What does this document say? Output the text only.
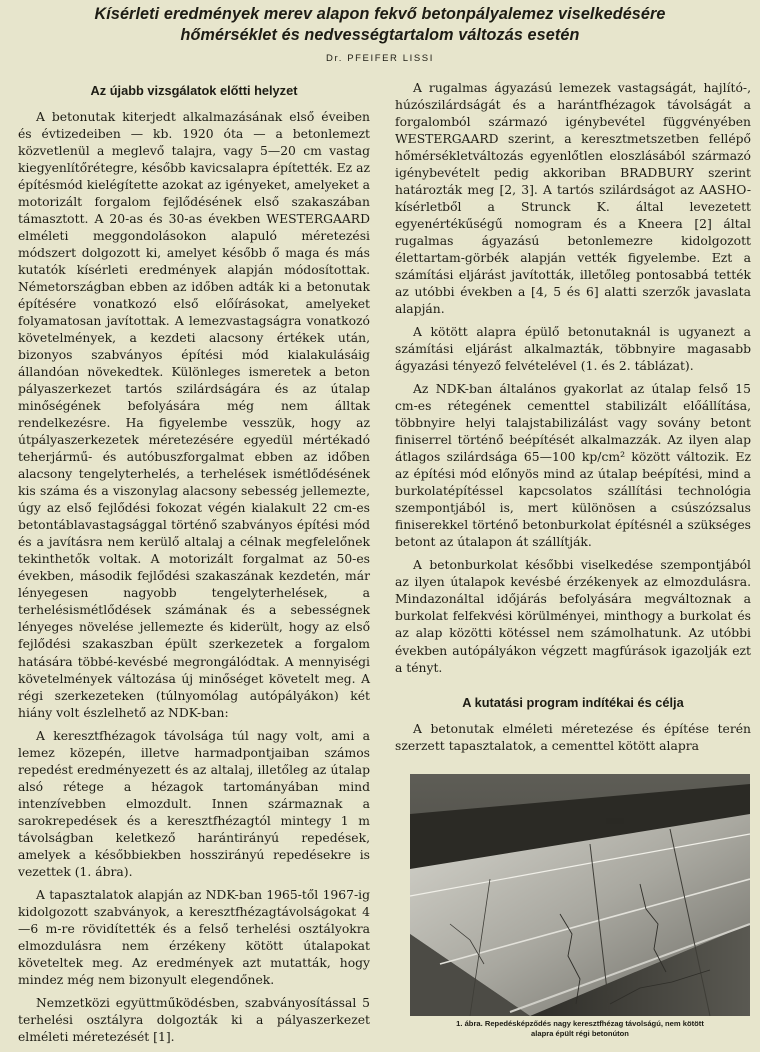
Kísérleti eredmények merev alapon fekvő betonpályalemez viselkedésére

hőmérséklet és nedvességtartalom változás esetén

Dr. PFEIFER LISSI
Az újabb vizsgálatok előtti helyzet

A betonutak kiterjedt alkalmazásának első éveiben és évtizedeiben — kb. 1920 óta — a betonlemezt közvetlenül a meglevő talajra, vagy 5—20 cm vastag kiegyenlítőrétegre, később kavicsalapra építették. Ez az építésmód kielégítette azokat az igényeket, amelyeket a motorizált forgalom fejlődésének első szakaszában támasztott. A 20-as és 30-as években WESTERGAARD elméleti meggondolásokon alapuló méretezési módszert dolgozott ki, amelyet később ő maga és más kutatók kísérleti eredmények alapján módosítottak. Németországban ebben az időben adták ki a betonutak építésére vonatkozó első előírásokat, amelyeket folyamatosan javítottak. A lemezvastagságra vonatkozó követelmények, a kezdeti alacsony értékek után, bizonyos szabványos építési mód kialakulásáig állandóan növekedtek. Különleges ismeretek a beton pályaszerkezet tartós szilárdságára és az útalap minőségének befolyására még nem álltak rendelkezésre. Ha figyelembe vesszük, hogy az útpályaszerkezetek méretezésére egyedül mértékadó teherjármű- és autóbuszforgalmat ebben az időben alacsony tengelyterhelés, a terhelések ismétlődésének kis száma és a viszonylag alacsony sebesség jellemezte, úgy az első fejlődési fokozat végén kialakult 22 cm-es betontáblavastagsággal történő szabványos építési mód és a javításra nem kerülő altalaj a célnak megfelelőnek tekinthetők voltak. A motorizált forgalmat az 50-es években, második fejlődési szakaszának kezdetén, már lényegesen nagyobb tengelyterhelések, a terhelésismétlődések számának és a sebességnek lényeges növelése jellemezte és kiderült, hogy az első fejlődési szakaszban épült szerkezetek a forgalom hatására többé-kevésbé megrongálódtak. A mennyiségi követelmények változása új minőséget követelt meg. A régi szerkezeteken (túlnyomólag autópályákon) két hiány volt észlelhető az NDK-ban:

A keresztfhézagok távolsága túl nagy volt, ami a lemez közepén, illetve harmadpontjaiban számos repedést eredményezett és az altalaj, illetőleg az útalap alsó rétege a hézagok tartományában mind intenzívebben elmozdult. Innen származnak a sarokrepedések és a keresztfhézagtól mintegy 1 m távolságban keletkező harántirányú repedések, amelyek a későbbiekben hosszirányú repedésekre is vezettek (1. ábra).

A tapasztalatok alapján az NDK-ban 1965-től 1967-ig kidolgozott szabványok, a keresztfhézagtávolságokat 4—6 m-re rövidítették és a felső terhelési osztályokra elmozdulásra nem érzékeny kötött útalapokat követeltek meg. Az eredmények azt mutatták, hogy mindez még nem bizonyult elegendőnek.

Nemzetközi együttműködésben, szabványosítással 5 terhelési osztályra dolgozták ki a pályaszerkezet elméleti méretezését [1].

A rugalmas ágyazású lemezek vastagságát, hajlító-, húzószilárdságát és a harántfhézagok távolságát a forgalomból származó igénybevétel függvényében WESTERGAARD szerint, a keresztmetszetben fellépő hőmérsékletváltozás egyenlőtlen eloszlásából származó igénybevételt pedig akkoriban BRADBURY szerint határozták meg [2, 3]. A tartós szilárdságot az AASHO-kísérletből a Strunck K. által levezetett egyenértékűségű nomogram és a Kneera [2] által rugalmas ágyazású betonlemezre kidolgozott élettartam-görbék alapján vették figyelembe. Ezt a számítási eljárást javították, illetőleg pontosabbá tették az utóbbi években a [4, 5 és 6] alatti szerzők javaslata alapján.

A kötött alapra épülő betonutaknál is ugyanezt a számítási eljárást alkalmazták, többnyire magasabb ágyazási tényező felvételével (1. és 2. táblázat).

Az NDK-ban általános gyakorlat az útalap felső 15 cm-es rétegének cementtel stabilizált előállítása, többnyire helyi talajstabilizálást vagy sovány betont finiserrel történő beépítését alkalmazzák. Az ilyen alap átlagos szilárdsága 65—100 kp/cm² között változik. Ez az építési mód előnyös mind az útalap beépítési, mind a burkolatépítéssel kapcsolatos szállítási technológia szempontjából is, mert különösen a csúszózsalus finiserekkel történő betonburkolat építésnél a szükséges betont az útalapon át szállítják.

A betonburkolat későbbi viselkedése szempontjából az ilyen útalapok kevésbé érzékenyek az elmozdulásra. Mindazonáltal időjárás befolyására megváltoznak a burkolat felfekvési körülményei, minthogy a burkolat és az alap közötti kötéssel nem számolhatunk. Az utóbbi években autópályákon végzett magfúrások igazolják ezt a tényt.

A kutatási program indítékai és célja

A betonutak elméleti méretezése és építése terén szerzett tapasztalatok, a cementtel kötött alapra

1. ábra. Repedésképződés nagy keresztfhézag távolságú, nem kötött
alapra épült régi betonúton
